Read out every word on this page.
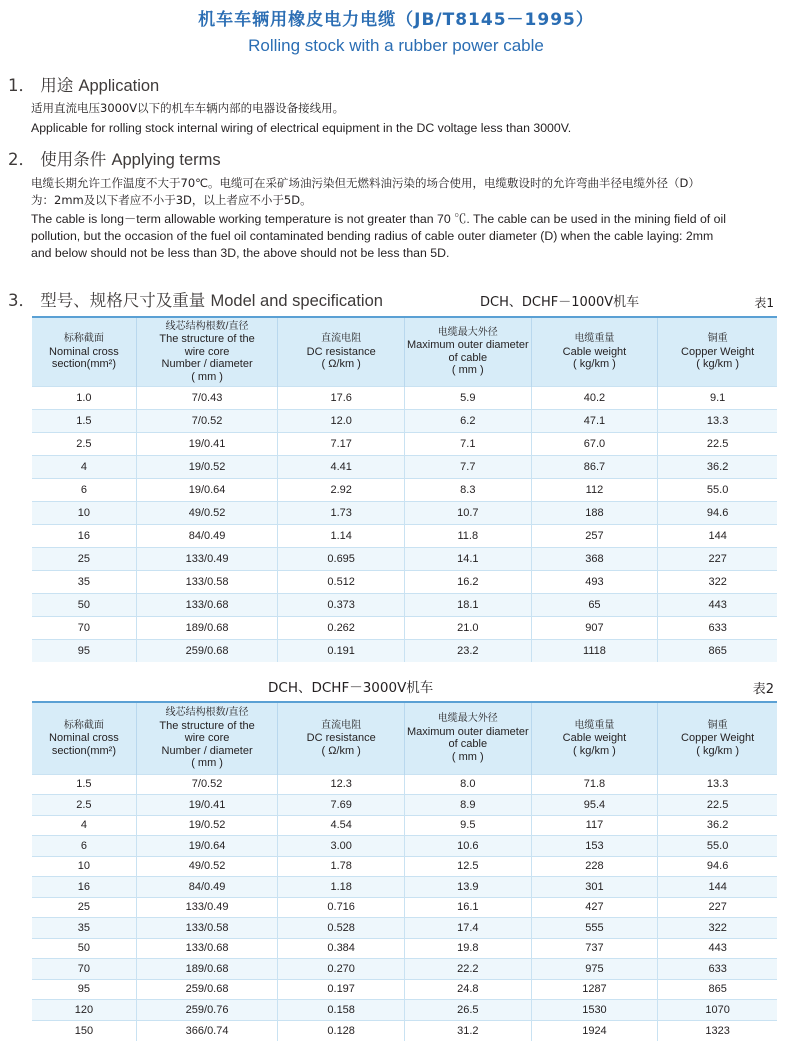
机车车辆用橡皮电力电缆（JB/T8145－1995）
Rolling stock with a rubber power cable
1． 用途 Application
适用直流电压3000V以下的机车车辆内部的电器设备接线用。
Applicable for rolling stock internal wiring of electrical equipment in the DC voltage less than 3000V.
2． 使用条件 Applying terms
电缆长期允许工作温度不大于70℃。电缆可在采矿场油污染但无燃料油污染的场合使用，电缆敷设时的允许弯曲半径电缆外径（D）
为：2mm及以下者应不小于3D，以上者应不小于5D。
The cable is long－term allowable working temperature is not greater than 70 ℃. The cable can be used in the mining field of oil
pollution, but the occasion of the fuel oil contaminated bending radius of cable outer diameter (D) when the cable laying: 2mm
and below should not be less than 3D, the above should not be less than 5D.
3． 型号、规格尺寸及重量 Model and specification	DCH、DCHF－1000V机车	表1
标称截面
Nominal cross
section(mm²)	线芯结构根数/直径
The structure of the
wire core
Number / diameter
( mm )	直流电阻
DC resistance
( Ω/km )	电缆最大外径
Maximum outer diameter
of cable
( mm )	电缆重量
Cable weight
( kg/km )	铜重
Copper Weight
( kg/km )

1.0	7/0.43	17.6	5.9	40.2	9.1
1.5	7/0.52	12.0	6.2	47.1	13.3
2.5	19/0.41	7.17	7.1	67.0	22.5
4	19/0.52	4.41	7.7	86.7	36.2
6	19/0.64	2.92	8.3	112	55.0
10	49/0.52	1.73	10.7	188	94.6
16	84/0.49	1.14	11.8	257	144
25	133/0.49	0.695	14.1	368	227
35	133/0.58	0.512	16.2	493	322
50	133/0.68	0.373	18.1	65	443
70	189/0.68	0.262	21.0	907	633
95	259/0.68	0.191	23.2	1118	865
DCH、DCHF－3000V机车	表2
标称截面
Nominal cross
section(mm²)	线芯结构根数/直径
The structure of the
wire core
Number / diameter
( mm )	直流电阻
DC resistance
( Ω/km )	电缆最大外径
Maximum outer diameter
of cable
( mm )	电缆重量
Cable weight
( kg/km )	铜重
Copper Weight
( kg/km )

1.5	7/0.52	12.3	8.0	71.8	13.3
2.5	19/0.41	7.69	8.9	95.4	22.5
4	19/0.52	4.54	9.5	117	36.2
6	19/0.64	3.00	10.6	153	55.0
10	49/0.52	1.78	12.5	228	94.6
16	84/0.49	1.18	13.9	301	144
25	133/0.49	0.716	16.1	427	227
35	133/0.58	0.528	17.4	555	322
50	133/0.68	0.384	19.8	737	443
70	189/0.68	0.270	22.2	975	633
95	259/0.68	0.197	24.8	1287	865
120	259/0.76	0.158	26.5	1530	1070
150	366/0.74	0.128	31.2	1924	1323
